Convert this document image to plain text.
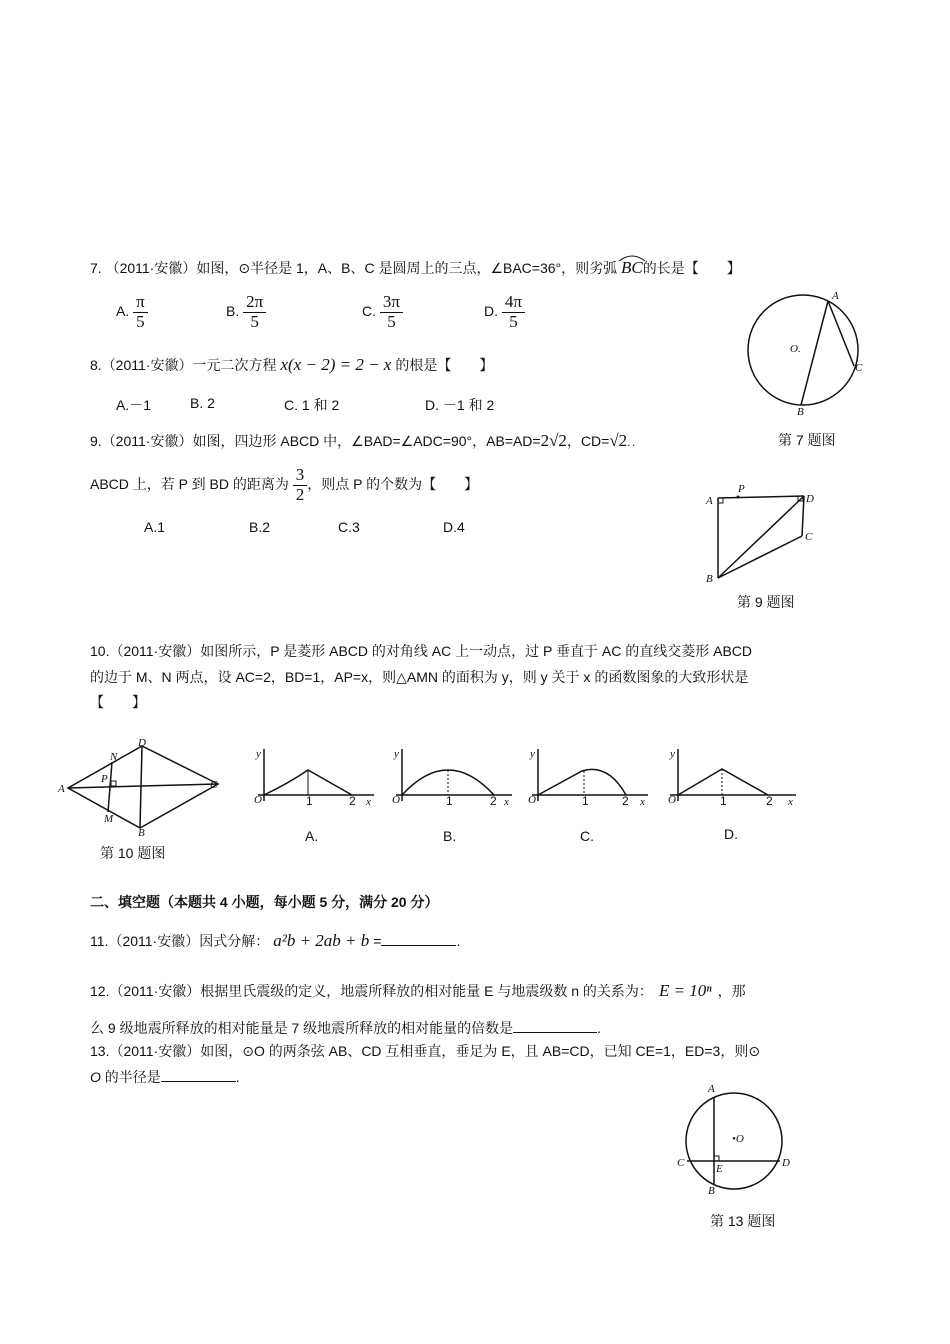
7. （2011·安徽）如图，⊙半径是 1，A、B、C 是圆周上的三点，∠BAC=36°，则劣弧 BC
的长是【　　】
A. $\frac{\pi}{5}$	B. $\frac{2\pi}{5}$	C. $\frac{3\pi}{5}$	D. $\frac{4\pi}{5}$	A
B
C
O.
第 7 题图
8.（2011·安徽）一元二次方程 x(x − 2) = 2 − x 的根是【　　】
A.－1	B. 2	C. 1 和 2	D. －1 和 2
9.（2011·安徽）如图，四边形 ABCD 中，∠BAD=∠ADC=90°，AB=AD=2√2，CD=√2．．
ABCD 上，若 P 到 BD 的距离为 $\frac{3}{2}$ ，则点 P 的个数为【　　】
A.1	B.2	C.3	D.4
A
P
D
C
B
第 9 题图
10.（2011·安徽）如图所示，P 是菱形 ABCD 的对角线 AC 上一动点，过 P 垂直于 AC 的直线交菱形 ABCD
的边于 M、N 两点，设 AC=2，BD=1，AP=x，则△AMN 的面积为 y，则 y 关于 x 的函数图象的大致形状是
【　　】
A
B
C
D
M
N
P
第 10 题图
y
O	1	2 x
A.
y
O	1	2 x
B.
y
O	1	2 x
C.
y
O	1	2 x
D.
二、填空题（本题共 4 小题，每小题 5 分，满分 20 分）
11.（2011·安徽）因式分解： a²b + 2ab + b =	.
12.（2011·安徽）根据里氏震级的定义，地震所释放的相对能量 E 与地震级数 n 的关系为： E = 10ⁿ ，那
么 9 级地震所释放的相对能量是 7 级地震所释放的相对能量的倍数是	.
13.（2011·安徽）如图，⊙O 的两条弦 AB、CD 互相垂直，垂足为 E，且 AB=CD，已知 CE=1，ED=3，则⊙
O 的半径是	.
A
B
C	D
E
•O
第 13 题图
